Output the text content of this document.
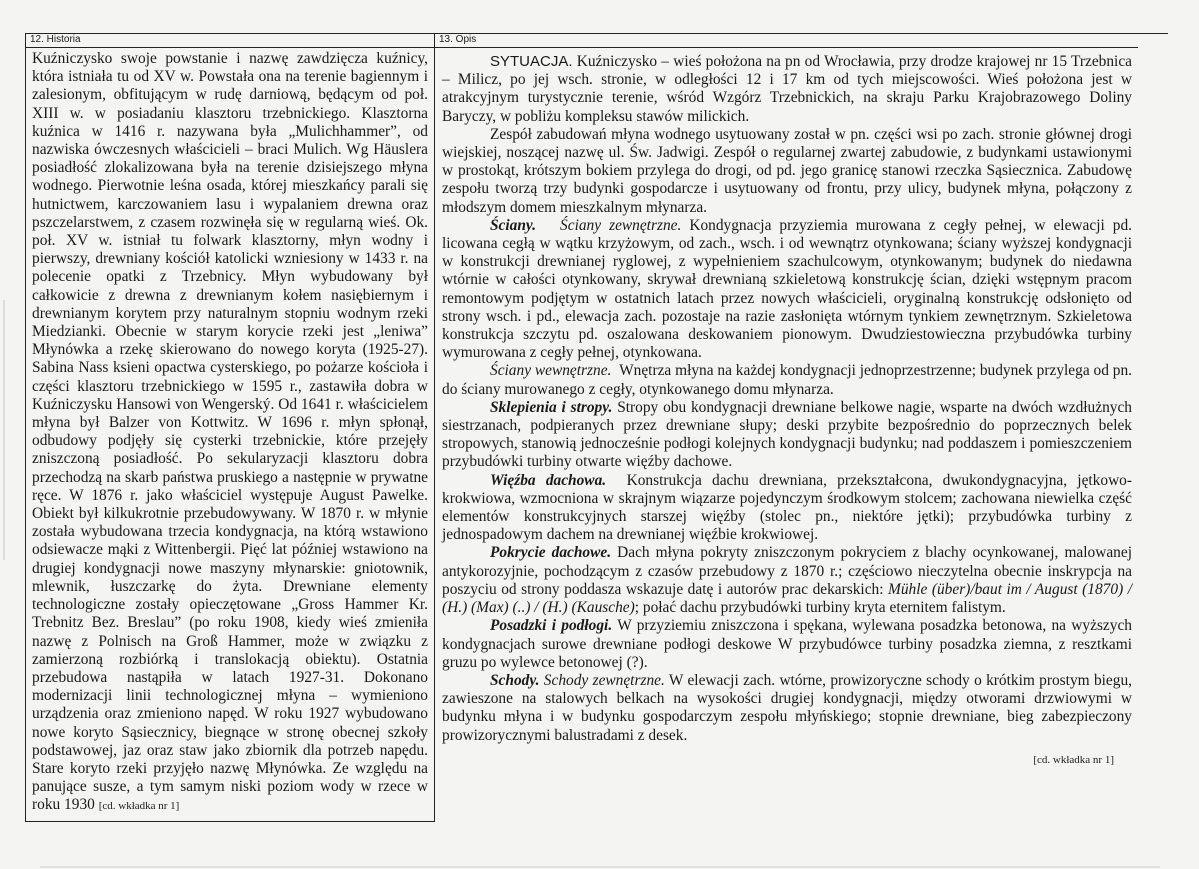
12. Historia
Kuźniczysko swoje powstanie i nazwę zawdzięcza kuźnicy, która istniała tu od XV w. Powstała ona na terenie bagiennym i zalesionym, obfitującym w rudę darniową, będącym od poł. XIII w. w posiadaniu klasztoru trzebnickiego. Klasztorna kuźnica w 1416 r. nazywana była „Mulichhammer”, od nazwiska ówczesnych właścicieli – braci Mulich. Wg Häuslera posiadłość zlokalizowana była na terenie dzisiejszego młyna wodnego. Pierwotnie leśna osada, której mieszkańcy parali się hutnictwem, karczowaniem lasu i wypalaniem drewna oraz pszczelarstwem, z czasem rozwinęła się w regularną wieś. Ok. poł. XV w. istniał tu folwark klasztorny, młyn wodny i pierwszy, drewniany kościół katolicki wzniesiony w 1433 r. na polecenie opatki z Trzebnicy. Młyn wybudowany był całkowicie z drewna z drewnianym kołem nasiębiernym i drewnianym korytem przy naturalnym stopniu wodnym rzeki Miedzianki. Obecnie w starym korycie rzeki jest „leniwa” Młynówka a rzekę skierowano do nowego koryta (1925-27). Sabina Nass ksieni opactwa cysterskiego, po pożarze kościoła i części klasztoru trzebnickiego w 1595 r., zastawiła dobra w Kuźniczysku Hansowi von Wengerský. Od 1641 r. właścicielem młyna był Balzer von Kottwitz. W 1696 r. młyn spłonął, odbudowy podjęły się cysterki trzebnickie, które przejęły zniszczoną posiadłość. Po sekularyzacji klasztoru dobra przechodzą na skarb państwa pruskiego a następnie w prywatne ręce. W 1876 r. jako właściciel występuje August Pawelke. Obiekt był kilkukrotnie przebudowywany. W 1870 r. w młynie została wybudowana trzecia kondygnacja, na którą wstawiono odsiewacze mąki z Wittenbergii. Pięć lat później wstawiono na drugiej kondygnacji nowe maszyny młynarskie: gniotownik, mlewnik, łuszczarkę do żyta. Drewniane elementy technologiczne zostały opieczętowane „Gross Hammer Kr. Trebnitz Bez. Breslau” (po roku 1908, kiedy wieś zmieniła nazwę z Polnisch na Groß Hammer, może w związku z zamierzoną rozbiórką i translokacją obiektu). Ostatnia przebudowa nastąpiła w latach 1927-31. Dokonano modernizacji linii technologicznej młyna – wymieniono urządzenia oraz zmieniono napęd. W roku 1927 wybudowano nowe koryto Sąsiecznicy, biegnące w stronę obecnej szkoły podstawowej, jaz oraz staw jako zbiornik dla potrzeb napędu. Stare koryto rzeki przyjęło nazwę Młynówka. Ze względu na panujące susze, a tym samym niski poziom wody w rzece w roku 1930 [cd. wkładka nr 1]
13. Opis

SYTUACJA. Kuźniczysko – wieś położona na pn od Wrocławia, przy drodze krajowej nr 15 Trzebnica – Milicz, po jej wsch. stronie, w odległości 12 i 17 km od tych miejscowości. Wieś położona jest w atrakcyjnym turystycznie terenie, wśród Wzgórz Trzebnickich, na skraju Parku Krajobrazowego Doliny Baryczy, w pobliżu kompleksu stawów milickich.

Zespół zabudowań młyna wodnego usytuowany został w pn. części wsi po zach. stronie głównej drogi wiejskiej, noszącej nazwę ul. Św. Jadwigi. Zespół o regularnej zwartej zabudowie, z budynkami ustawionymi w prostokąt, krótszym bokiem przylega do drogi, od pd. jego granicę stanowi rzeczka Sąsiecznica. Zabudowę zespołu tworzą trzy budynki gospodarcze i usytuowany od frontu, przy ulicy, budynek młyna, połączony z młodszym domem mieszkalnym młynarza.

Ściany. Ściany zewnętrzne. Kondygnacja przyziemia murowana z cegły pełnej, w elewacji pd. licowana cegłą w wątku krzyżowym, od zach., wsch. i od wewnątrz otynkowana; ściany wyższej kondygnacji w konstrukcji drewnianej ryglowej, z wypełnieniem szachulcowym, otynkowanym; budynek do niedawna wtórnie w całości otynkowany, skrywał drewnianą szkieletową konstrukcję ścian, dzięki wstępnym pracom remontowym podjętym w ostatnich latach przez nowych właścicieli, oryginalną konstrukcję odsłonięto od strony wsch. i pd., elewacja zach. pozostaje na razie zasłonięta wtórnym tynkiem zewnętrznym. Szkieletowa konstrukcja szczytu pd. oszalowana deskowaniem pionowym. Dwudziestowieczna przybudówka turbiny wymurowana z cegły pełnej, otynkowana.

Ściany wewnętrzne. Wnętrza młyna na każdej kondygnacji jednoprzestrzenne; budynek przylega od pn. do ściany murowanego z cegły, otynkowanego domu młynarza.

Sklepienia i stropy. Stropy obu kondygnacji drewniane belkowe nagie, wsparte na dwóch wzdłużnych siestrzanach, podpieranych przez drewniane słupy; deski przybite bezpośrednio do poprzecznych belek stropowych, stanowią jednocześnie podłogi kolejnych kondygnacji budynku; nad poddaszem i pomieszczeniem przybudówki turbiny otwarte więźby dachowe.

Więźba dachowa. Konstrukcja dachu drewniana, przekształcona, dwukondygnacyjna, jętkowo-krokwiowa, wzmocniona w skrajnym wiązarze pojedynczym środkowym stolcem; zachowana niewielka część elementów konstrukcyjnych starszej więźby (stolec pn., niektóre jętki); przybudówka turbiny z jednospadowym dachem na drewnianej więźbie krokwiowej.

Pokrycie dachowe. Dach młyna pokryty zniszczonym pokryciem z blachy ocynkowanej, malowanej antykorozyjnie, pochodzącym z czasów przebudowy z 1870 r.; częściowo nieczytelna obecnie inskrypcja na poszyciu od strony poddasza wskazuje datę i autorów prac dekarskich: Mühle (über)/baut im / August (1870) / (H.) (Max) (..) / (H.) (Kausche); połać dachu przybudówki turbiny kryta eternitem falistym.

Posadzki i podłogi. W przyziemiu zniszczona i spękana, wylewana posadzka betonowa, na wyższych kondygnacjach surowe drewniane podłogi deskowe W przybudówce turbiny posadzka ziemna, z resztkami gruzu po wylewce betonowej (?).

Schody. Schody zewnętrzne. W elewacji zach. wtórne, prowizoryczne schody o krótkim prostym biegu, zawieszone na stalowych belkach na wysokości drugiej kondygnacji, między otworami drzwiowymi w budynku młyna i w budynku gospodarczym zespołu młyńskiego; stopnie drewniane, bieg zabezpieczony prowizorycznymi balustradami z desek.

[cd. wkładka nr 1]
